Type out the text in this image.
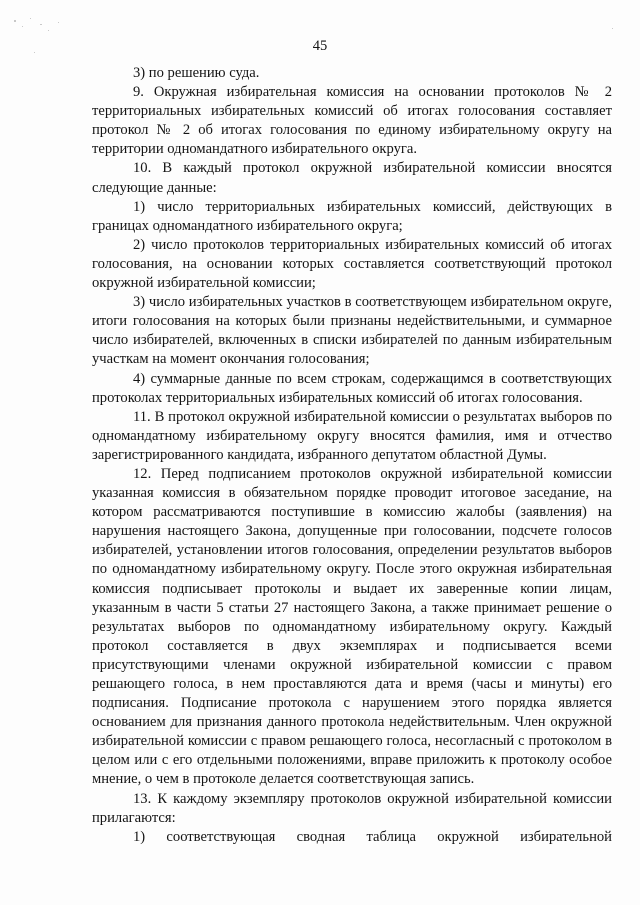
45

3) по решению суда.

9. Окружная избирательная комиссия на основании протоколов № 2 территориальных избирательных комиссий об итогах голосования составляет протокол № 2 об итогах голосования по единому избирательному округу на территории одномандатного избирательного округа.

10. В каждый протокол окружной избирательной комиссии вносятся следующие данные:

1) число территориальных избирательных комиссий, действующих в границах одномандатного избирательного округа;

2) число протоколов территориальных избирательных комиссий об итогах голосования, на основании которых составляется соответствующий протокол окружной избирательной комиссии;

3) число избирательных участков в соответствующем избирательном округе, итоги голосования на которых были признаны недействительными, и суммарное число избирателей, включенных в списки избирателей по данным избирательным участкам на момент окончания голосования;

4) суммарные данные по всем строкам, содержащимся в соответствующих протоколах территориальных избирательных комиссий об итогах голосования.

11. В протокол окружной избирательной комиссии о результатах выборов по одномандатному избирательному округу вносятся фамилия, имя и отчество зарегистрированного кандидата, избранного депутатом областной Думы.

12. Перед подписанием протоколов окружной избирательной комиссии указанная комиссия в обязательном порядке проводит итоговое заседание, на котором рассматриваются поступившие в комиссию жалобы (заявления) на нарушения настоящего Закона, допущенные при голосовании, подсчете голосов избирателей, установлении итогов голосования, определении результатов выборов по одномандатному избирательному округу. После этого окружная избирательная комиссия подписывает протоколы и выдает их заверенные копии лицам, указанным в части 5 статьи 27 настоящего Закона, а также принимает решение о результатах выборов по одномандатному избирательному округу. Каждый протокол составляется в двух экземплярах и подписывается всеми присутствующими членами окружной избирательной комиссии с правом решающего голоса, в нем проставляются дата и время (часы и минуты) его подписания. Подписание протокола с нарушением этого порядка является основанием для признания данного протокола недействительным. Член окружной избирательной комиссии с правом решающего голоса, несогласный с протоколом в целом или с его отдельными положениями, вправе приложить к протоколу особое мнение, о чем в протоколе делается соответствующая запись.

13. К каждому экземпляру протоколов окружной избирательной комиссии прилагаются:

1) соответствующая сводная таблица окружной избирательной
